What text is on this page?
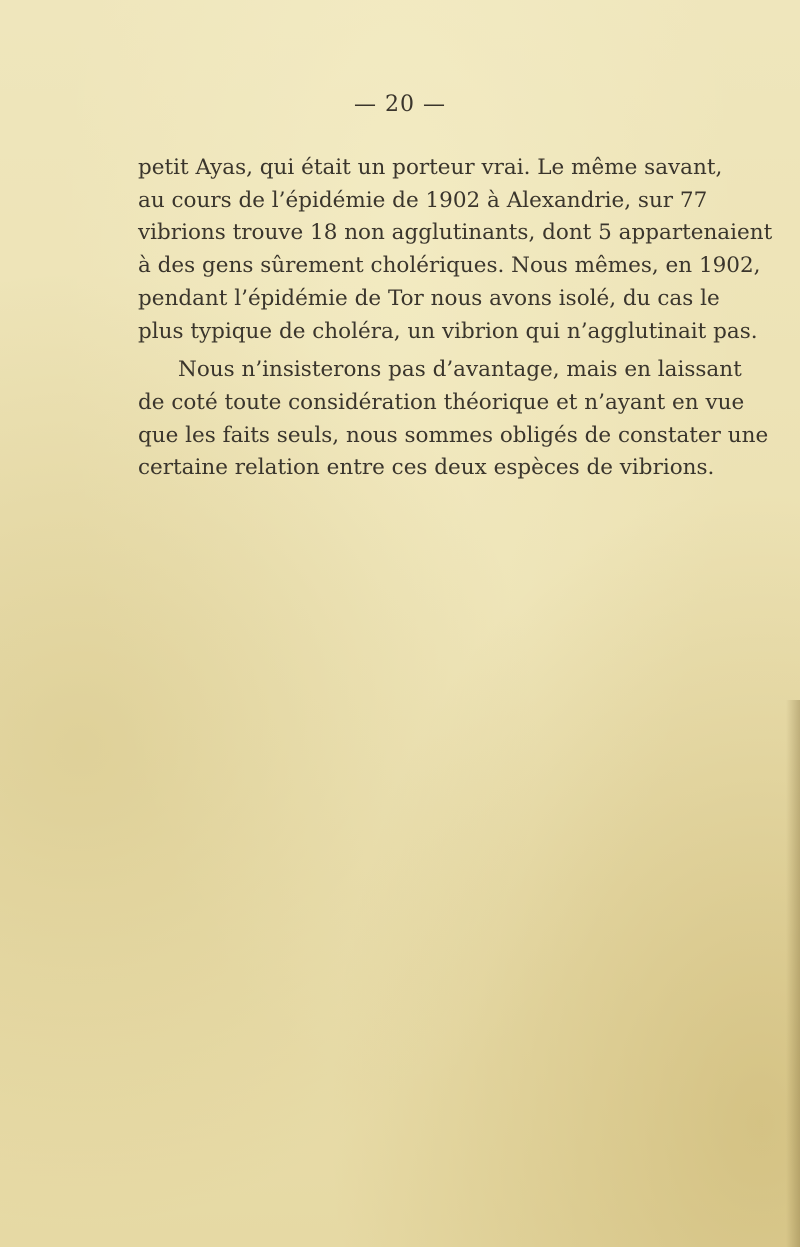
— 20 —
petit Ayas, qui était un porteur vrai. Le même savant,
au cours de l’épidémie de 1902 à Alexandrie, sur 77
vibrions trouve 18 non agglutinants, dont 5 appartenaient
à des gens sûrement cholériques. Nous mêmes, en 1902,
pendant l’épidémie de Tor nous avons isolé, du cas le
plus typique de choléra, un vibrion qui n’agglutinait pas.
Nous n’insisterons pas d’avantage, mais en laissant
de coté toute considération théorique et n’ayant en vue
que les faits seuls, nous sommes obligés de constater une
certaine relation entre ces deux espèces de vibrions.
